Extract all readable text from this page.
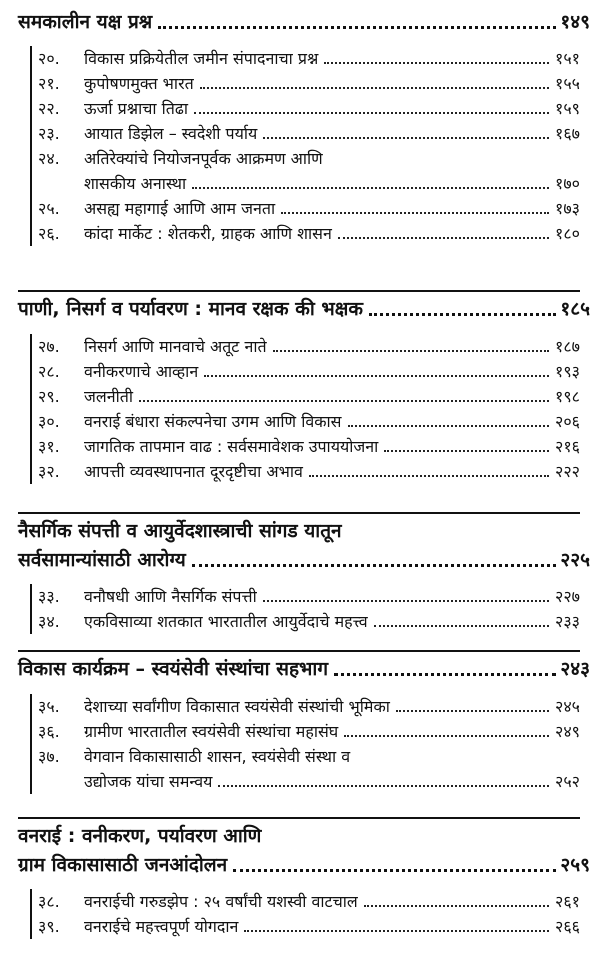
समकालीन यक्ष प्रश्न	१४९
२०.	विकास प्रक्रियेतील जमीन संपादनाचा प्रश्न	१५१
२१.	कुपोषणमुक्त भारत	१५५
२२.	ऊर्जा प्रश्नाचा तिढा	१५९
२३.	आयात डिझेल – स्वदेशी पर्याय	१६७
२४.	अतिरेक्यांचे नियोजनपूर्वक आक्रमण आणि
शासकीय अनास्था	१७०
२५.	असह्य महागाई आणि आम जनता	१७३
२६.	कांदा मार्केट : शेतकरी, ग्राहक आणि शासन	१८०
पाणी, निसर्ग व पर्यावरण : मानव रक्षक की भक्षक	१८५
२७.	निसर्ग आणि मानवाचे अतूट नाते	१८७
२८.	वनीकरणाचे आव्हान	१९३
२९.	जलनीती	१९८
३०.	वनराई बंधारा संकल्पनेचा उगम आणि विकास	२०६
३१.	जागतिक तापमान वाढ : सर्वसमावेशक उपाययोजना	२१६
३२.	आपत्ती व्यवस्थापनात दूरदृष्टीचा अभाव	२२२
नैसर्गिक संपत्ती व आयुर्वेदशास्त्राची सांगड यातून
सर्वसामान्यांसाठी आरोग्य	२२५
३३.	वनौषधी आणि नैसर्गिक संपत्ती	२२७
३४.	एकविसाव्या शतकात भारतातील आयुर्वेदाचे महत्त्व	२३३
विकास कार्यक्रम – स्वयंसेवी संस्थांचा सहभाग	२४३
३५.	देशाच्या सर्वांगीण विकासात स्वयंसेवी संस्थांची भूमिका	२४५
३६.	ग्रामीण भारतातील स्वयंसेवी संस्थांचा महासंघ	२४९
३७.	वेगवान विकासासाठी शासन, स्वयंसेवी संस्था व
उद्योजक यांचा समन्वय	२५२
वनराई : वनीकरण, पर्यावरण आणि
ग्राम विकासासाठी जनआंदोलन	२५९
३८.	वनराईची गरुडझेप : २५ वर्षांची यशस्वी वाटचाल	२६१
३९.	वनराईचे महत्त्वपूर्ण योगदान	२६६
